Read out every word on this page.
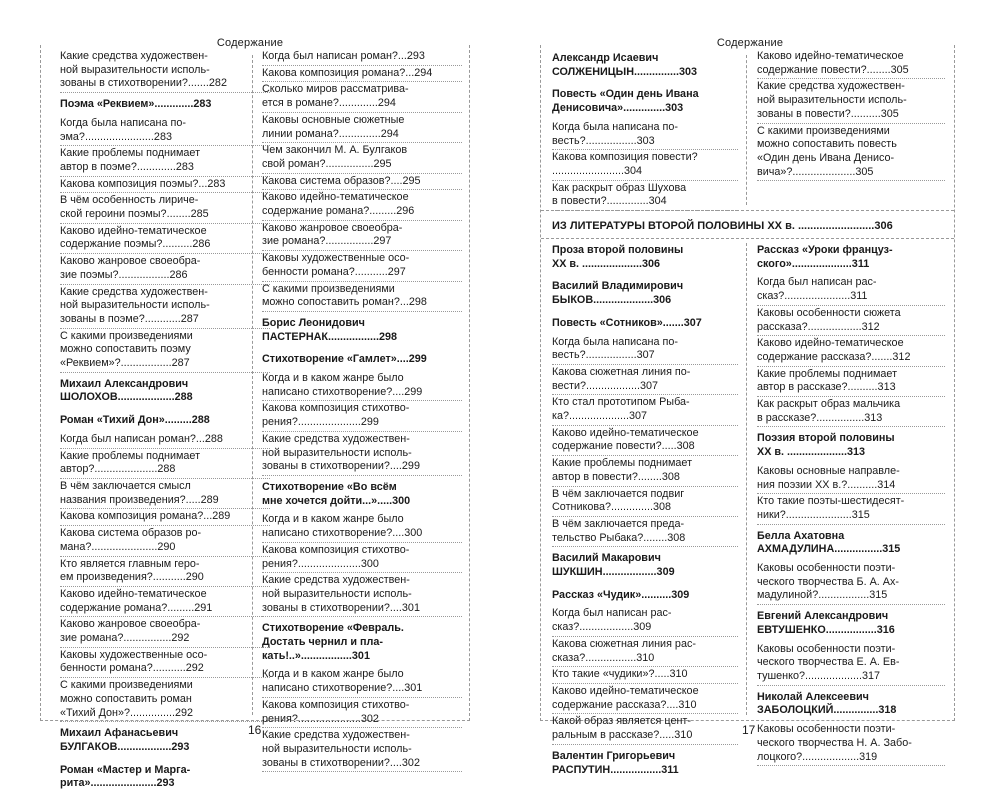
Содержание
Какие средства художествен-
ной выразительности исполь-
зованы в стихотворении?.......282
Поэма «Реквием».............283
Когда была написана по-
эма?.......................283
Какие проблемы поднимает
автор в поэме?.............283
Какова композиция поэмы?...283
В чём особенность лириче-
ской героини поэмы?........285
Каково идейно-тематическое
содержание поэмы?..........286
Каково жанровое своеобра-
зие поэмы?.................286
Какие средства художествен-
ной выразительности исполь-
зованы в поэме?............287
С какими произведениями
можно сопоставить поэму
«Реквием»?.................287
Михаил Александрович
ШОЛОХОВ...................288
Роман «Тихий Дон».........288
Когда был написан роман?...288
Какие проблемы поднимает
автор?.....................288
В чём заключается смысл
названия произведения?.....289
Какова композиция романа?...289
Какова система образов ро-
мана?......................290
Кто является главным геро-
ем произведения?...........290
Каково идейно-тематическое
содержание романа?.........291
Каково жанровое своеобра-
зие романа?................292
Каковы художественные осо-
бенности романа?...........292
С какими произведениями
можно сопоставить роман
«Тихий Дон»?...............292
Михаил Афанасьевич
БУЛГАКОВ..................293
Роман «Мастер и Марга-
рита»......................293
Когда был написан роман?...293
Какова композиция романа?...294
Сколько миров рассматрива-
ется в романе?.............294
Каковы основные сюжетные
линии романа?..............294
Чем закончил М. А. Булгаков
свой роман?................295
Какова система образов?....295
Каково идейно-тематическое
содержание романа?.........296
Каково жанровое своеобра-
зие романа?................297
Каковы художественные осо-
бенности романа?...........297
С какими произведениями
можно сопоставить роман?...298
Борис Леонидович
ПАСТЕРНАК.................298
Стихотворение «Гамлет»....299
Когда и в каком жанре было
написано стихотворение?....299
Какова композиция стихотво-
рения?.....................299
Какие средства художествен-
ной выразительности исполь-
зованы в стихотворении?....299
Стихотворение «Во всём
мне хочется дойти...».....300
Когда и в каком жанре было
написано стихотворение?....300
Какова композиция стихотво-
рения?.....................300
Какие средства художествен-
ной выразительности исполь-
зованы в стихотворении?....301
Стихотворение «Февраль.
Достать чернил и пла-
кать!..».................301
Когда и в каком жанре было
написано стихотворение?....301
Какова композиция стихотво-
рения?.....................302
Какие средства художествен-
ной выразительности исполь-
зованы в стихотворении?....302
16
Содержание
Александр Исаевич
СОЛЖЕНИЦЫН...............303
Повесть «Один день Ивана
Денисовича»..............303
Когда была написана по-
весть?.................303
Какова композиция повести?
........................304
Как раскрыт образ Шухова
в повести?..............304
Каково идейно-тематическое
содержание повести?........305
Какие средства художествен-
ной выразительности исполь-
зованы в повести?..........305
С какими произведениями
можно сопоставить повесть
«Один день Ивана Денисо-
вича»?.....................305
ИЗ ЛИТЕРАТУРЫ ВТОРОЙ ПОЛОВИНЫ XX в. .........................306
Проза второй половины
XX в. ....................306
Василий Владимирович
БЫКОВ....................306
Повесть «Сотников».......307
Когда была написана по-
весть?.................307
Какова сюжетная линия по-
вести?..................307
Кто стал прототипом Рыба-
ка?....................307
Каково идейно-тематическое
содержание повести?.....308
Какие проблемы поднимает
автор в повести?........308
В чём заключается подвиг
Сотникова?..............308
В чём заключается преда-
тельство Рыбака?........308
Василий Макарович
ШУКШИН..................309
Рассказ «Чудик»..........309
Когда был написан рас-
сказ?..................309
Какова сюжетная линия рас-
сказа?.................310
Кто такие «чудики»?.....310
Каково идейно-тематическое
содержание рассказа?....310
Какой образ является цент-
ральным в рассказе?.....310
Валентин Григорьевич
РАСПУТИН.................311
Рассказ «Уроки француз-
ского»....................311
Когда был написан рас-
сказ?......................311
Каковы особенности сюжета
рассказа?..................312
Каково идейно-тематическое
содержание рассказа?.......312
Какие проблемы поднимает
автор в рассказе?..........313
Как раскрыт образ мальчика
в рассказе?................313
Поэзия второй половины
XX в. ....................313
Каковы основные направле-
ния поэзии XX в.?..........314
Кто такие поэты-шестидесят-
ники?......................315
Белла Ахатовна
АХМАДУЛИНА................315
Каковы особенности поэти-
ческого творчества Б. А. Ах-
мадулиной?.................315
Евгений Александрович
ЕВТУШЕНКО.................316
Каковы особенности поэти-
ческого творчества Е. А. Ев-
тушенко?...................317
Николай Алексеевич
ЗАБОЛОЦКИЙ...............318
Каковы особенности поэти-
ческого творчества Н. А. Забо-
лоцкого?...................319
17
